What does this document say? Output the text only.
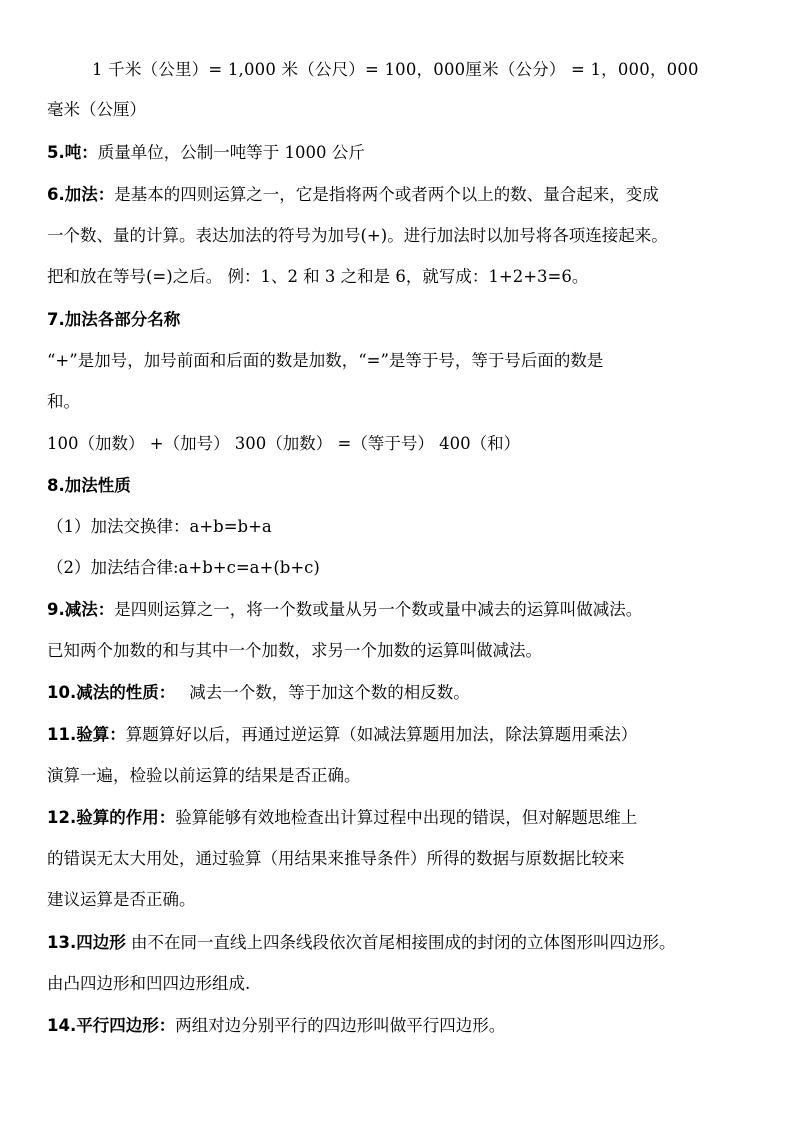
1 千米（公里）= 1,000 米（公尺）= 100，000厘米（公分） = 1，000，000
毫米（公厘）
5.吨：质量单位，公制一吨等于 1000 公斤
6.加法：是基本的四则运算之一，它是指将两个或者两个以上的数、量合起来，变成
一个数、量的计算。表达加法的符号为加号(+)。进行加法时以加号将各项连接起来。
把和放在等号(=)之后。 例：1、2 和 3 之和是 6，就写成：1+2+3=6。
7.加法各部分名称
“+”是加号，加号前面和后面的数是加数，“=”是等于号，等于号后面的数是
和。
100（加数） +（加号） 300（加数） =（等于号） 400（和）
8.加法性质
（1）加法交换律：a+b=b+a
（2）加法结合律:a+b+c=a+(b+c)
9.减法：是四则运算之一，将一个数或量从另一个数或量中减去的运算叫做减法。
已知两个加数的和与其中一个加数，求另一个加数的运算叫做减法。
10.减法的性质： 减去一个数，等于加这个数的相反数。
11.验算：算题算好以后，再通过逆运算（如减法算题用加法，除法算题用乘法）
演算一遍，检验以前运算的结果是否正确。
12.验算的作用：验算能够有效地检查出计算过程中出现的错误，但对解题思维上
的错误无太大用处，通过验算（用结果来推导条件）所得的数据与原数据比较来
建议运算是否正确。
13.四边形 由不在同一直线上四条线段依次首尾相接围成的封闭的立体图形叫四边形。
由凸四边形和凹四边形组成.
14.平行四边形：两组对边分别平行的四边形叫做平行四边形。
